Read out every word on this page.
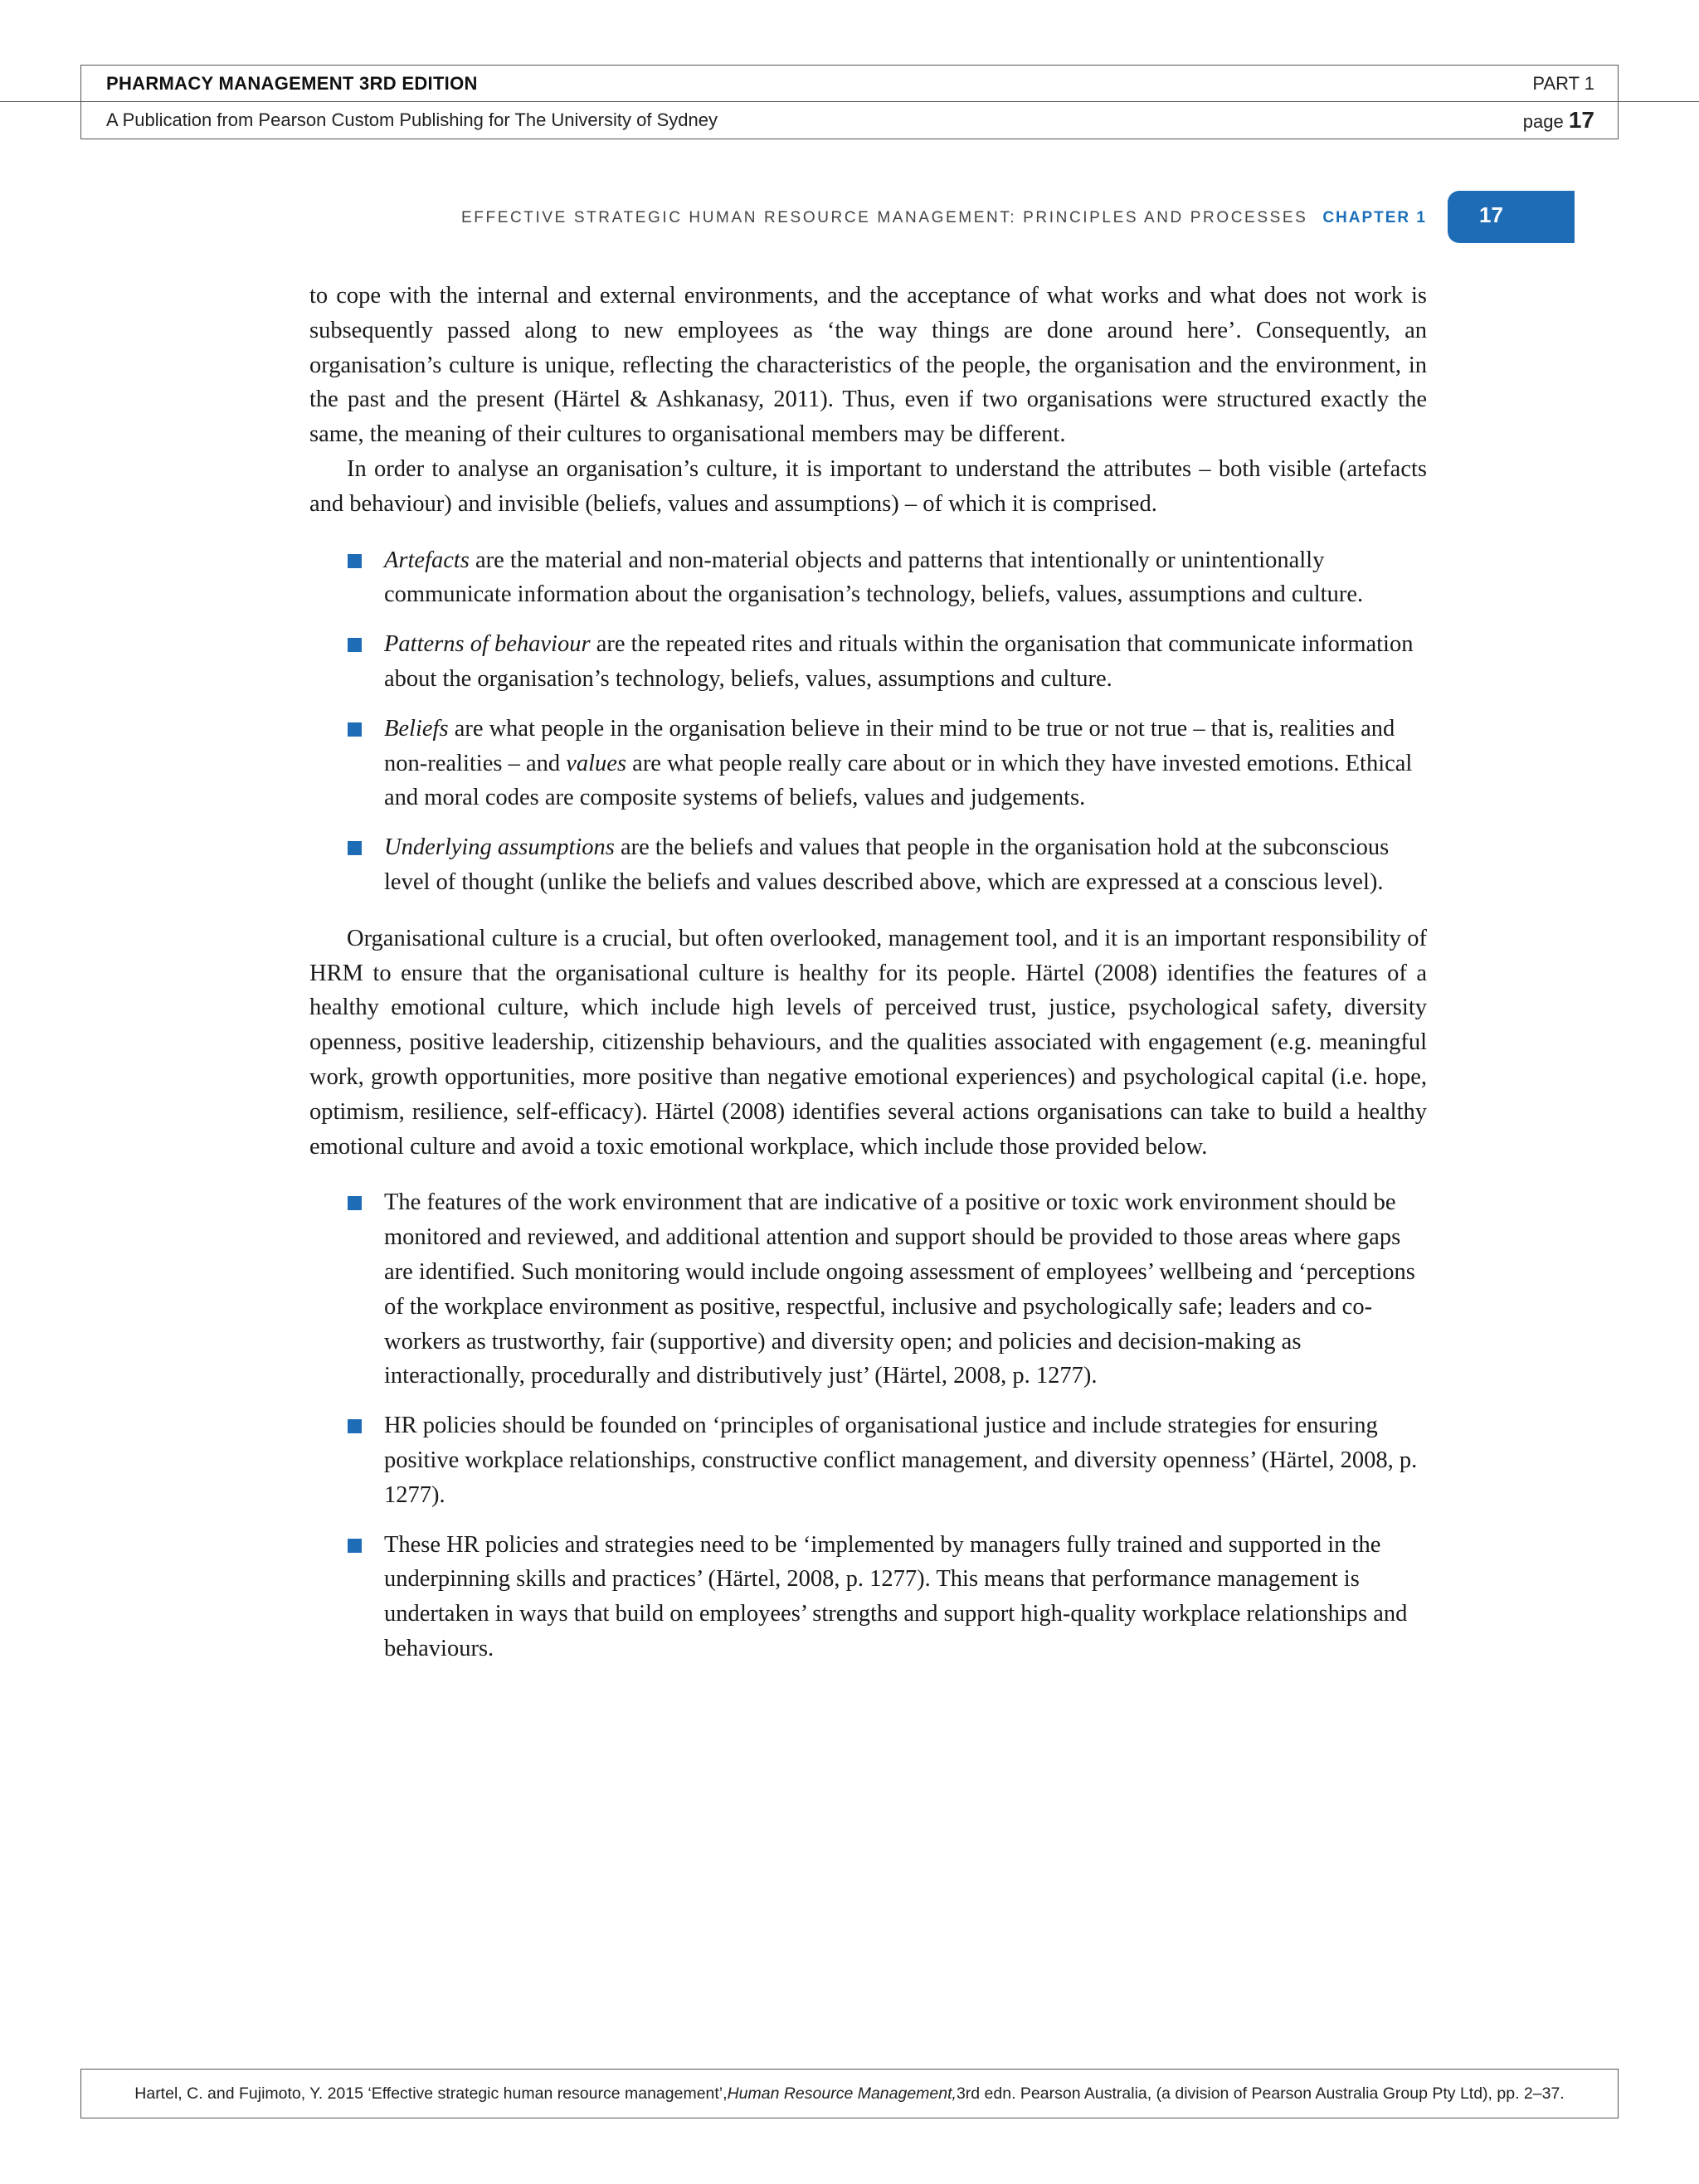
PHARMACY MANAGEMENT 3RD EDITION	PART 1
A Publication from Pearson Custom Publishing for The University of Sydney	page 17
EFFECTIVE STRATEGIC HUMAN RESOURCE MANAGEMENT: PRINCIPLES AND PROCESSES CHAPTER 1	17

to cope with the internal and external environments, and the acceptance of what works and what does not work is subsequently passed along to new employees as ‘the way things are done around here’. Consequently, an organisation’s culture is unique, reflecting the characteristics of the people, the organisation and the environment, in the past and the present (Härtel & Ashkanasy, 2011). Thus, even if two organisations were structured exactly the same, the meaning of their cultures to organisational members may be different.

In order to analyse an organisation’s culture, it is important to understand the attributes – both visible (artefacts and behaviour) and invisible (beliefs, values and assumptions) – of which it is comprised.

Artefacts are the material and non-material objects and patterns that intentionally or unintentionally communicate information about the organisation’s technology, beliefs, values, assumptions and culture.
Patterns of behaviour are the repeated rites and rituals within the organisation that communicate information about the organisation’s technology, beliefs, values, assumptions and culture.
Beliefs are what people in the organisation believe in their mind to be true or not true – that is, realities and non-realities – and values are what people really care about or in which they have invested emotions. Ethical and moral codes are composite systems of beliefs, values and judgements.
Underlying assumptions are the beliefs and values that people in the organisation hold at the subconscious level of thought (unlike the beliefs and values described above, which are expressed at a conscious level).

Organisational culture is a crucial, but often overlooked, management tool, and it is an important responsibility of HRM to ensure that the organisational culture is healthy for its people. Härtel (2008) identifies the features of a healthy emotional culture, which include high levels of perceived trust, justice, psychological safety, diversity openness, positive leadership, citizenship behaviours, and the qualities associated with engagement (e.g. meaningful work, growth opportunities, more positive than negative emotional experiences) and psychological capital (i.e. hope, optimism, resilience, self-efficacy). Härtel (2008) identifies several actions organisations can take to build a healthy emotional culture and avoid a toxic emotional workplace, which include those provided below.

The features of the work environment that are indicative of a positive or toxic work environment should be monitored and reviewed, and additional attention and support should be provided to those areas where gaps are identified. Such monitoring would include ongoing assessment of employees’ wellbeing and ‘perceptions of the workplace environment as positive, respectful, inclusive and psychologically safe; leaders and co-workers as trustworthy, fair (supportive) and diversity open; and policies and decision-making as interactionally, procedurally and distributively just’ (Härtel, 2008, p. 1277).
HR policies should be founded on ‘principles of organisational justice and include strategies for ensuring positive workplace relationships, constructive conflict management, and diversity openness’ (Härtel, 2008, p. 1277).
These HR policies and strategies need to be ‘implemented by managers fully trained and supported in the underpinning skills and practices’ (Härtel, 2008, p. 1277). This means that performance management is undertaken in ways that build on employees’ strengths and support high-quality workplace relationships and behaviours.
Hartel, C. and Fujimoto, Y. 2015 ‘Effective strategic human resource management’, Human Resource Management, 3rd edn. Pearson Australia, (a division of Pearson Australia Group Pty Ltd), pp. 2–37.
